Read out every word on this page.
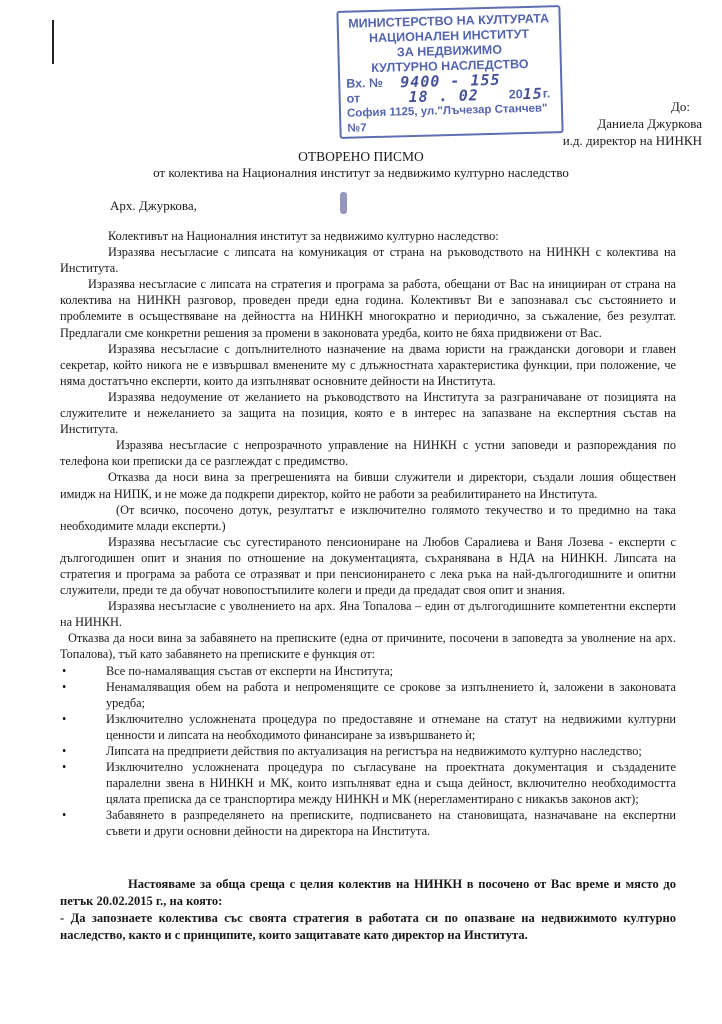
МИНИСТЕРСТВО НА КУЛТУРАТА
НАЦИОНАЛЕН ИНСТИТУТ
ЗА НЕДВИЖИМО
КУЛТУРНО НАСЛЕДСТВО
Вх. № 9400 - 155
от	18 . 02 20 15 г.
София 1125, ул."Лъчезар Станчев" №7
До:
Даниела Джуркова
и.д. директор на НИНКН
ОТВОРЕНО ПИСМО
от колектива на Националния институт за недвижимо културно наследство
Арх. Джуркова,

Колективът на Националния институт за недвижимо културно наследство:

Изразява несъгласие с липсата на комуникация от страна на ръководството на НИНКН с колектива на Института.

Изразява несъгласие с липсата на стратегия и програма за работа, обещани от Вас на иницииран от страна на колектива на НИНКН разговор, проведен преди една година. Колективът Ви е запознавал със състоянието и проблемите в осъществяване на дейността на НИНКН многократно и периодично, за съжаление, без резултат. Предлагали сме конкретни решения за промени в законовата уредба, които не бяха придвижени от Вас.

Изразява несъгласие с допълнителното назначение на двама юристи на граждански договори и главен секретар, който никога не е извършвал вменените му с длъжностната характеристика функции, при положение, че няма достатъчно експерти, които да изпълняват основните дейности на Института.

Изразява недоумение от желанието на ръководството на Института за разграничаване от позицията на служителите и нежеланието за защита на позиция, която е в интерес на запазване на експертния състав на Института.

Изразява несъгласие с непрозрачното управление на НИНКН с устни заповеди и разпореждания по телефона кои преписки да се разглеждат с предимство.

Отказва да носи вина за прегрешенията на бивши служители и директори, създали лошия обществен имидж на НИПК, и не може да подкрепи директор, който не работи за реабилитирането на Института.

(От всичко, посочено дотук, резултатът е изключително голямото текучество и то предимно на така необходимите млади експерти.)

Изразява несъгласие със сугестираното пенсиониране на Любов Саралиева и Ваня Лозева - експерти с дългогодишен опит и знания по отношение на документацията, съхранявана в НДА на НИНКН. Липсата на стратегия и програма за работа се отразяват и при пенсионирането с лека ръка на най-дългогодишните и опитни служители, преди те да обучат новопостъпилите колеги и преди да предадат своя опит и знания.

Изразява несъгласие с уволнението на арх. Яна Топалова – един от дългогодишните компетентни експерти на НИНКН.

Отказва да носи вина за забавянето на преписките (една от причините, посочени в заповедта за уволнение на арх. Топалова), тъй като забавянето на преписките е функция от:

• Все по-намаляващия състав от експерти на Института;
• Ненамаляващия обем на работа и непроменящите се срокове за изпълнението ѝ, заложени в законовата уредба;
• Изключително усложнената процедура по предоставяне и отнемане на статут на недвижими културни ценности и липсата на необходимото финансиране за извършването ѝ;
• Липсата на предприети действия по актуализация на регистъра на недвижимото културно наследство;
• Изключително усложнената процедура по съгласуване на проектната документация и създадените паралелни звена в НИНКН и МК, които изпълняват една и съща дейност, включително необходимостта цялата преписка да се транспортира между НИНКН и МК (нерегламентирано с никакъв законов акт);
• Забавянето в разпределянето на преписките, подписването на становищата, назначаване на експертни съвети и други основни дейности на директора на Института.

Настояваме за обща среща с целия колектив на НИНКН в посочено от Вас време и място до петък 20.02.2015 г., на която:

- Да запознаете колектива със своята стратегия в работата си по опазване на недвижимото културно наследство, както и с принципите, които защитавате като директор на Института.
